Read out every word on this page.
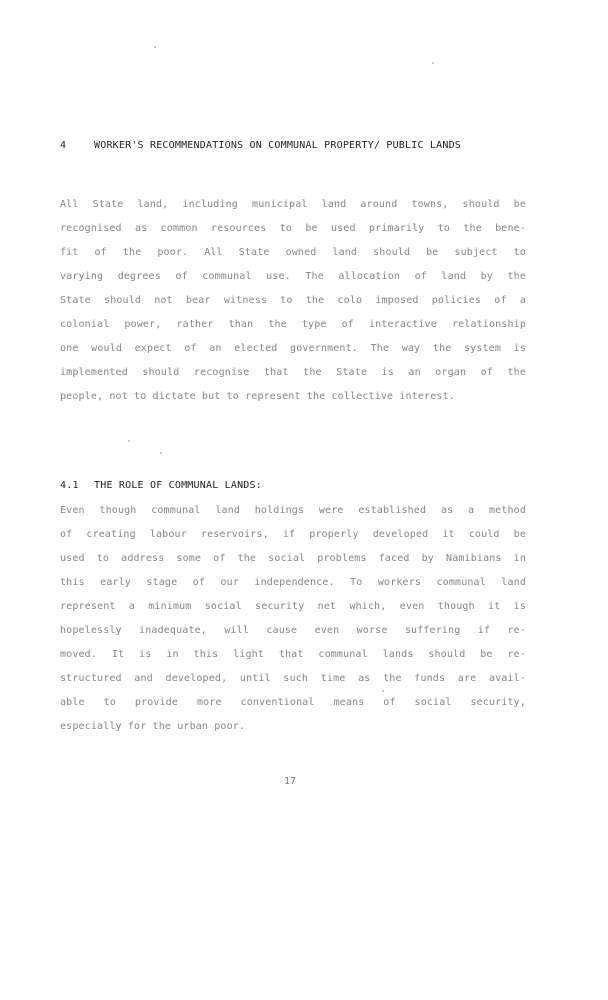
4	WORKER'S RECOMMENDATIONS ON COMMUNAL PROPERTY/ PUBLIC LANDS
All State land, including municipal land around towns, should be
recognised as common resources to be used primarily to the bene-
fit of the poor. All State owned land should be subject to
varying degrees of communal use. The allocation of land by the
State should not bear witness to the colo imposed policies of a
colonial power, rather than the type of interactive relationship
one would expect of an elected government. The way the system is
implemented should recognise that the State is an organ of the
people, not to dictate but to represent the collective interest.
4.1 THE ROLE OF COMMUNAL LANDS:
Even though communal land holdings were established as a method
of creating labour reservoirs, if properly developed it could be
used to address some of the social problems faced by Namibians in
this early stage of our independence. To workers communal land
represent a minimum social security net which, even though it is
hopelessly inadequate, will cause even worse suffering if re-
moved. It is in this light that communal lands should be re-
structured and developed, until such time as the funds are avail-
able to provide more conventional means of social security,
especially for the urban poor.
17
